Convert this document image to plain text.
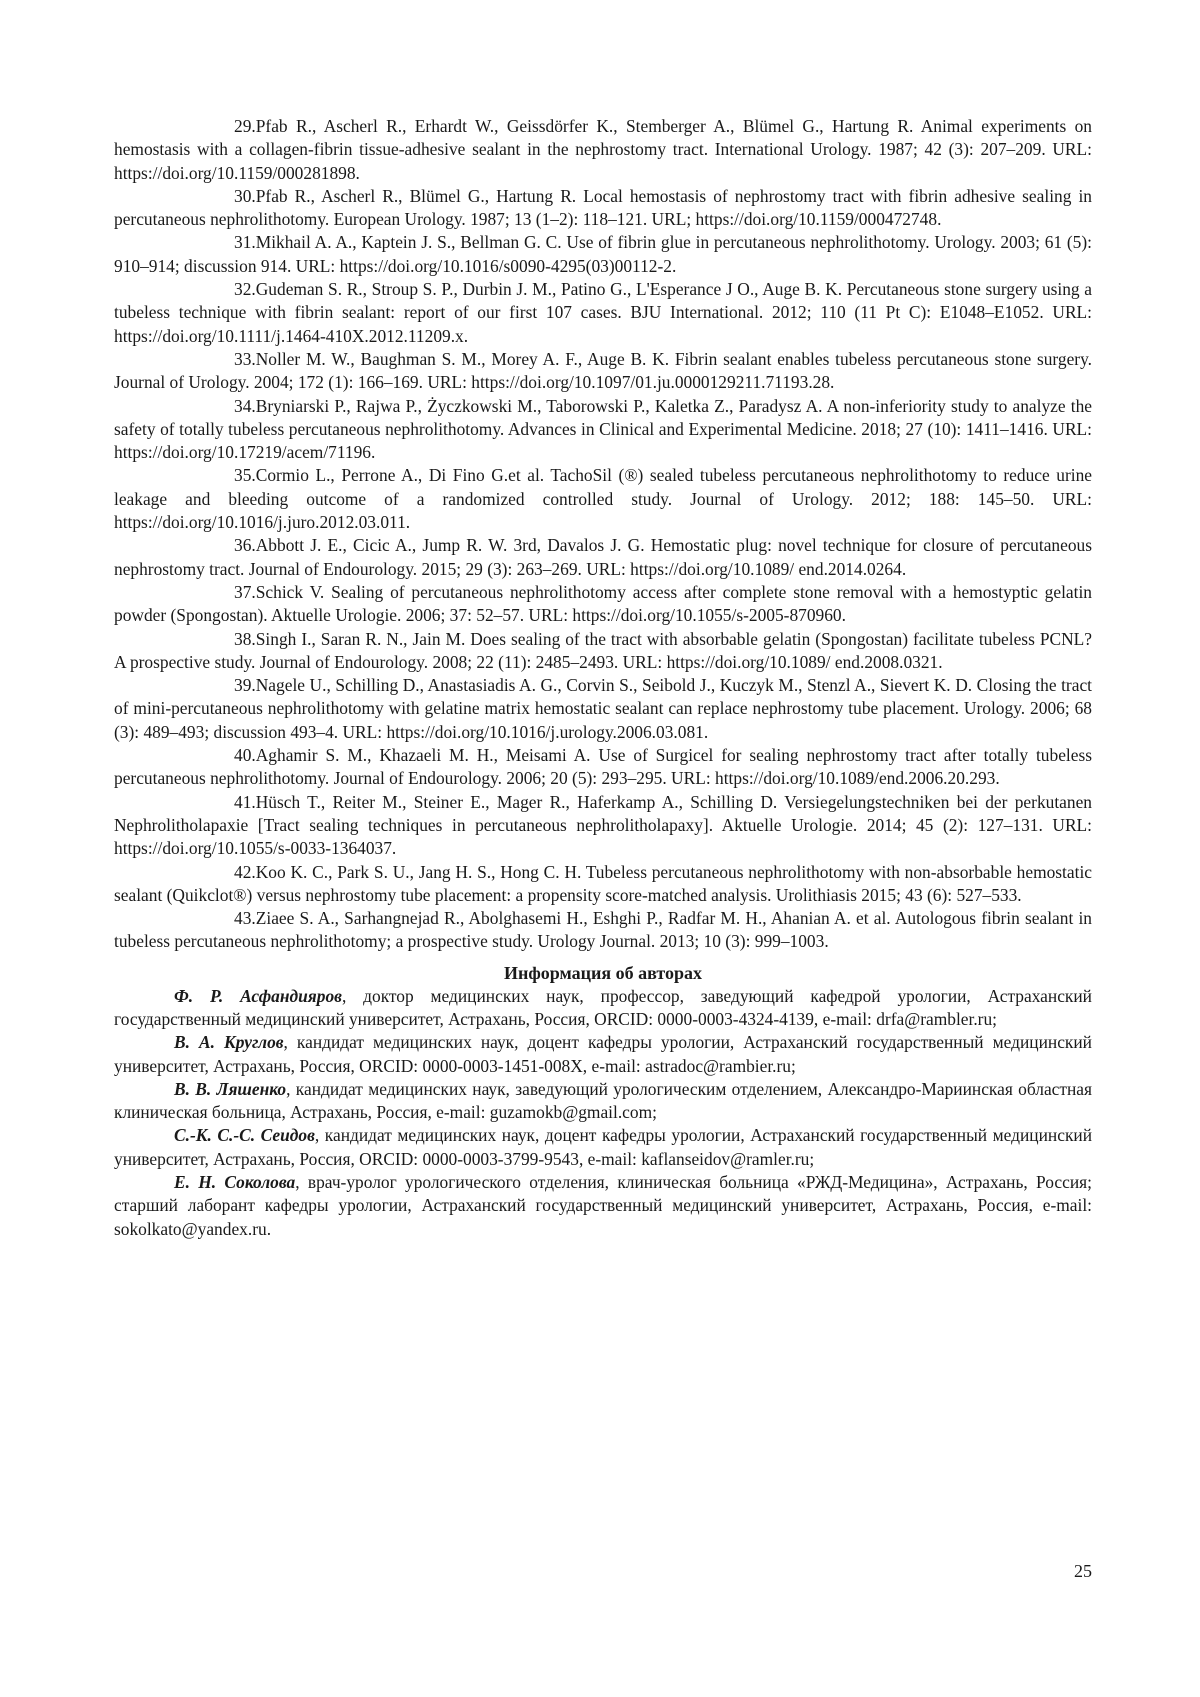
29.Pfab R., Ascherl R., Erhardt W., Geissdörfer K., Stemberger A., Blümel G., Hartung R. Animal experiments on hemostasis with a collagen-fibrin tissue-adhesive sealant in the nephrostomy tract. International Urology. 1987; 42 (3): 207–209. URL: https://doi.org/10.1159/000281898.

30.Pfab R., Ascherl R., Blümel G., Hartung R. Local hemostasis of nephrostomy tract with fibrin adhesive sealing in percutaneous nephrolithotomy. European Urology. 1987; 13 (1–2): 118–121. URL; https://doi.org/10.1159/000472748.

31.Mikhail A. A., Kaptein J. S., Bellman G. C. Use of fibrin glue in percutaneous nephrolithotomy. Urology. 2003; 61 (5): 910–914; discussion 914. URL: https://doi.org/10.1016/s0090-4295(03)00112-2.

32.Gudeman S. R., Stroup S. P., Durbin J. M., Patino G., L'Esperance J O., Auge B. K. Percutaneous stone surgery using a tubeless technique with fibrin sealant: report of our first 107 cases. BJU International. 2012; 110 (11 Pt C): E1048–E1052. URL: https://doi.org/10.1111/j.1464-410X.2012.11209.x.

33.Noller M. W., Baughman S. M., Morey A. F., Auge B. K. Fibrin sealant enables tubeless percutaneous stone surgery. Journal of Urology. 2004; 172 (1): 166–169. URL: https://doi.org/10.1097/01.ju.0000129211.71193.28.

34.Bryniarski P., Rajwa P., Życzkowski M., Taborowski P., Kaletka Z., Paradysz A. A non-inferiority study to analyze the safety of totally tubeless percutaneous nephrolithotomy. Advances in Clinical and Experimental Medicine. 2018; 27 (10): 1411–1416. URL: https://doi.org/10.17219/acem/71196.

35.Cormio L., Perrone A., Di Fino G.et al. TachoSil (®) sealed tubeless percutaneous nephrolithotomy to reduce urine leakage and bleeding outcome of a randomized controlled study. Journal of Urology. 2012; 188: 145–50. URL: https://doi.org/10.1016/j.juro.2012.03.011.

36.Abbott J. E., Cicic A., Jump R. W. 3rd, Davalos J. G. Hemostatic plug: novel technique for closure of percutaneous nephrostomy tract. Journal of Endourology. 2015; 29 (3): 263–269. URL: https://doi.org/10.1089/ end.2014.0264.

37.Schick V. Sealing of percutaneous nephrolithotomy access after complete stone removal with a hemostyptic gelatin powder (Spongostan). Aktuelle Urologie. 2006; 37: 52–57. URL: https://doi.org/10.1055/s-2005-870960.

38.Singh I., Saran R. N., Jain M. Does sealing of the tract with absorbable gelatin (Spongostan) facilitate tubeless PCNL? A prospective study. Journal of Endourology. 2008; 22 (11): 2485–2493. URL: https://doi.org/10.1089/ end.2008.0321.

39.Nagele U., Schilling D., Anastasiadis A. G., Corvin S., Seibold J., Kuczyk M., Stenzl A., Sievert K. D. Closing the tract of mini-percutaneous nephrolithotomy with gelatine matrix hemostatic sealant can replace nephrostomy tube placement. Urology. 2006; 68 (3): 489–493; discussion 493–4. URL: https://doi.org/10.1016/j.urology.2006.03.081.

40.Aghamir S. M., Khazaeli M. H., Meisami A. Use of Surgicel for sealing nephrostomy tract after totally tubeless percutaneous nephrolithotomy. Journal of Endourology. 2006; 20 (5): 293–295. URL: https://doi.org/10.1089/end.2006.20.293.

41.Hüsch T., Reiter M., Steiner E., Mager R., Haferkamp A., Schilling D. Versiegelungstechniken bei der perkutanen Nephrolitholapaxie [Tract sealing techniques in percutaneous nephrolitholapaxy]. Aktuelle Urologie. 2014; 45 (2): 127–131. URL: https://doi.org/10.1055/s-0033-1364037.

42.Koo K. C., Park S. U., Jang H. S., Hong C. H. Tubeless percutaneous nephrolithotomy with non-absorbable hemostatic sealant (Quikclot®) versus nephrostomy tube placement: a propensity score-matched analysis. Urolithiasis 2015; 43 (6): 527–533.

43.Ziaee S. A., Sarhangnejad R., Abolghasemi H., Eshghi P., Radfar M. H., Ahanian A. et al. Autologous fibrin sealant in tubeless percutaneous nephrolithotomy; a prospective study. Urology Journal. 2013; 10 (3): 999–1003.

Информация об авторах

Ф. Р. Асфандияров, доктор медицинских наук, профессор, заведующий кафедрой урологии, Астраханский государственный медицинский университет, Астрахань, Россия, ORCID: 0000-0003-4324-4139, e-mail: drfa@rambler.ru;

В. А. Круглов, кандидат медицинских наук, доцент кафедры урологии, Астраханский государственный медицинский университет, Астрахань, Россия, ORCID: 0000-0003-1451-008X, e-mail: astradoc@rambier.ru;

В. В. Ляшенко, кандидат медицинских наук, заведующий урологическим отделением, Александро-Мариинская областная клиническая больница, Астрахань, Россия, e-mail: guzamokb@gmail.com;

С.-К. С.-С. Сеидов, кандидат медицинских наук, доцент кафедры урологии, Астраханский государственный медицинский университет, Астрахань, Россия, ORCID: 0000-0003-3799-9543, e-mail: kaflanseidov@ramler.ru;

Е. Н. Соколова, врач-уролог урологического отделения, клиническая больница «РЖД-Медицина», Астрахань, Россия; старший лаборант кафедры урологии, Астраханский государственный медицинский университет, Астрахань, Россия, e-mail: sokolkato@yandex.ru.

25
